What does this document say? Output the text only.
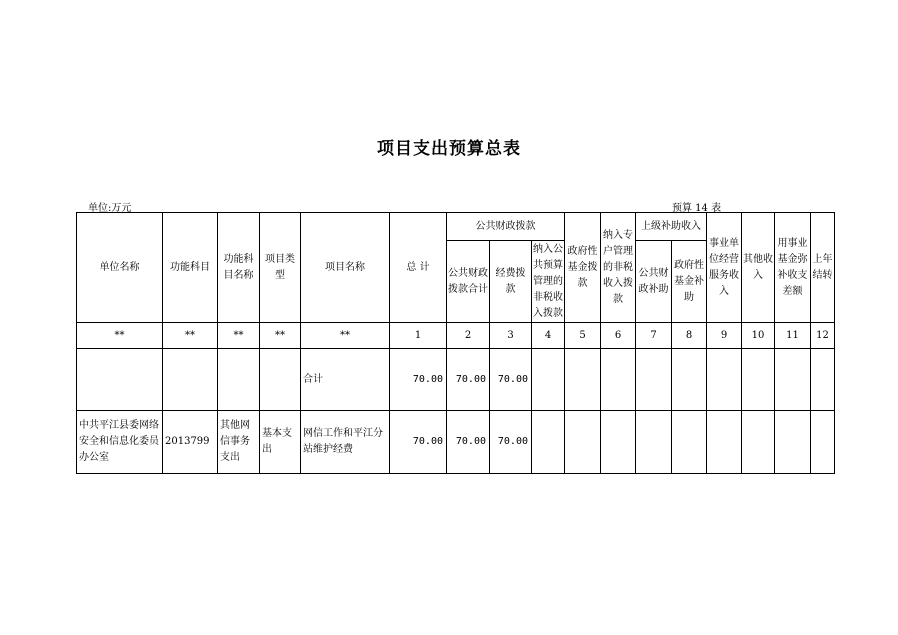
项目支出预算总表
单位:万元	预算 14 表
单位名称	功能科目	功能科目名称	项目类型	项目名称	总 计	公共财政拨款			政府性基金拨款	纳入专户管理的非税收入拨款	上级补助收入		事业单位经营服务收入	其他收入	用事业基金弥补收支差额	上年结转
						公共财政拨款合计	经费拨款	纳入公共预算管理的非税收入拨款			公共财政补助	政府性基金补助				
**	**	**	**	**	1	2	3	4	5	6	7	8	9	10	11	12
				合计	70.00	70.00	70.00									
中共平江县委网络安全和信息化委员办公室	2013799	其他网信事务支出	基本支出	网信工作和平江分站维护经费	70.00	70.00	70.00									
